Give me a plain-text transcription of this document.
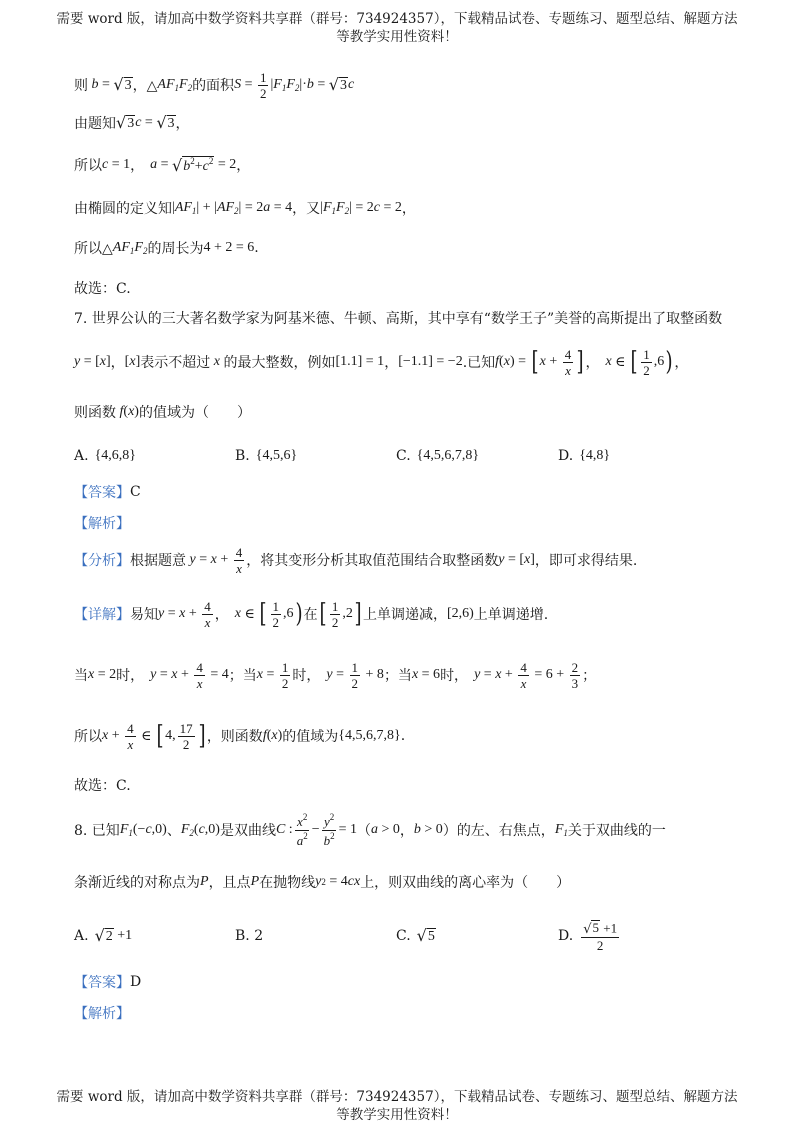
需要 word 版，请加高中数学资料共享群（群号：734924357），下载精品试卷、专题练习、题型总结、解题方法
等教学实用性资料！
则 b = √ 3 ，△ $AF_1F_2$ 的面积 $S = \frac{1}{2}$ | $F_1F_2$ |· b = √ 3 c
由题知 √ 3 c = √ 3 ，
所以 c = 1 ， a = √ $b^2+c^2 = 2$ ，
由椭圆的定义知 | $AF_1$ | + | $AF_2$ | = 2 a = 4 ，又 | $F_1F_2$ | = 2 c = 2 ，
所以△ $AF_1F_2$ 的周长为 4 + 2 = 6 .
故选：C.
7. 世界公认的三大著名数学家为阿基米德、牛顿、高斯，其中享有“数学王子”美誉的高斯提出了取整函数
y = [ x ] ， [ x ] 表示不超过 x 的最大整数，例如 [1.1] = 1 ， [−1.1] = −2 .已知 f ( x ) = [ $x + \frac{4}{x}$ ] ， x ∈ [ $\frac{1}{2} ,6$ ) ，
则函数 f ( x ) 的值域为（　　）
A. {4,6,8}	B. {4,5,6}	C. {4,5,6,7,8}	D. {4,8}
【答案】 C
【解析】
【分析】 根据题意 $y = x + \frac{4}{x}$ ，将其变形分析其取值范围结合取整函数 y = [ x ] ，即可求得结果.
【详解】 易知 $y = x + \frac{4}{x}$ ， x ∈ [ $\frac{1}{2} ,6$ ) 在 [ $\frac{1}{2} ,2$ ] 上单调递减， [2,6) 上单调递增.
当 x = 2 时， $y = x + \frac{4}{x} = 4$ ；当 $x = \frac{1}{2}$ 时， $y = \frac{1}{2} + 8$ ；当 x = 6 时， $y = x + \frac{4}{x} = 6 + \frac{2}{3}$ ；
所以 $x + \frac{4}{x}$ ∈ [ 4, $\frac{17}{2}$ ] ，则函数 f ( x ) 的值域为 {4,5,6,7,8} .
故选：C.
8. 已知 $F_1$ (− c ,0) 、 $F_2$ ( c ,0) 是双曲线 C : $\frac{x^2}{a^2} - \frac{y^2}{b^2} = 1$ （ a > 0 ， b > 0 ） 的左、右焦点， $F_1$ 关于双曲线的一
条渐近线的对称点为 P ，且点 P 在抛物线 y 2 = 4 cx 上，则双曲线的离心率为（　　）
A. √ 2 +1	B. 2	C. √ 5	D. $\frac{√ 5 +1}{2}$
【答案】 D
【解析】
需要 word 版，请加高中数学资料共享群（群号：734924357），下载精品试卷、专题练习、题型总结、解题方法
等教学实用性资料！
